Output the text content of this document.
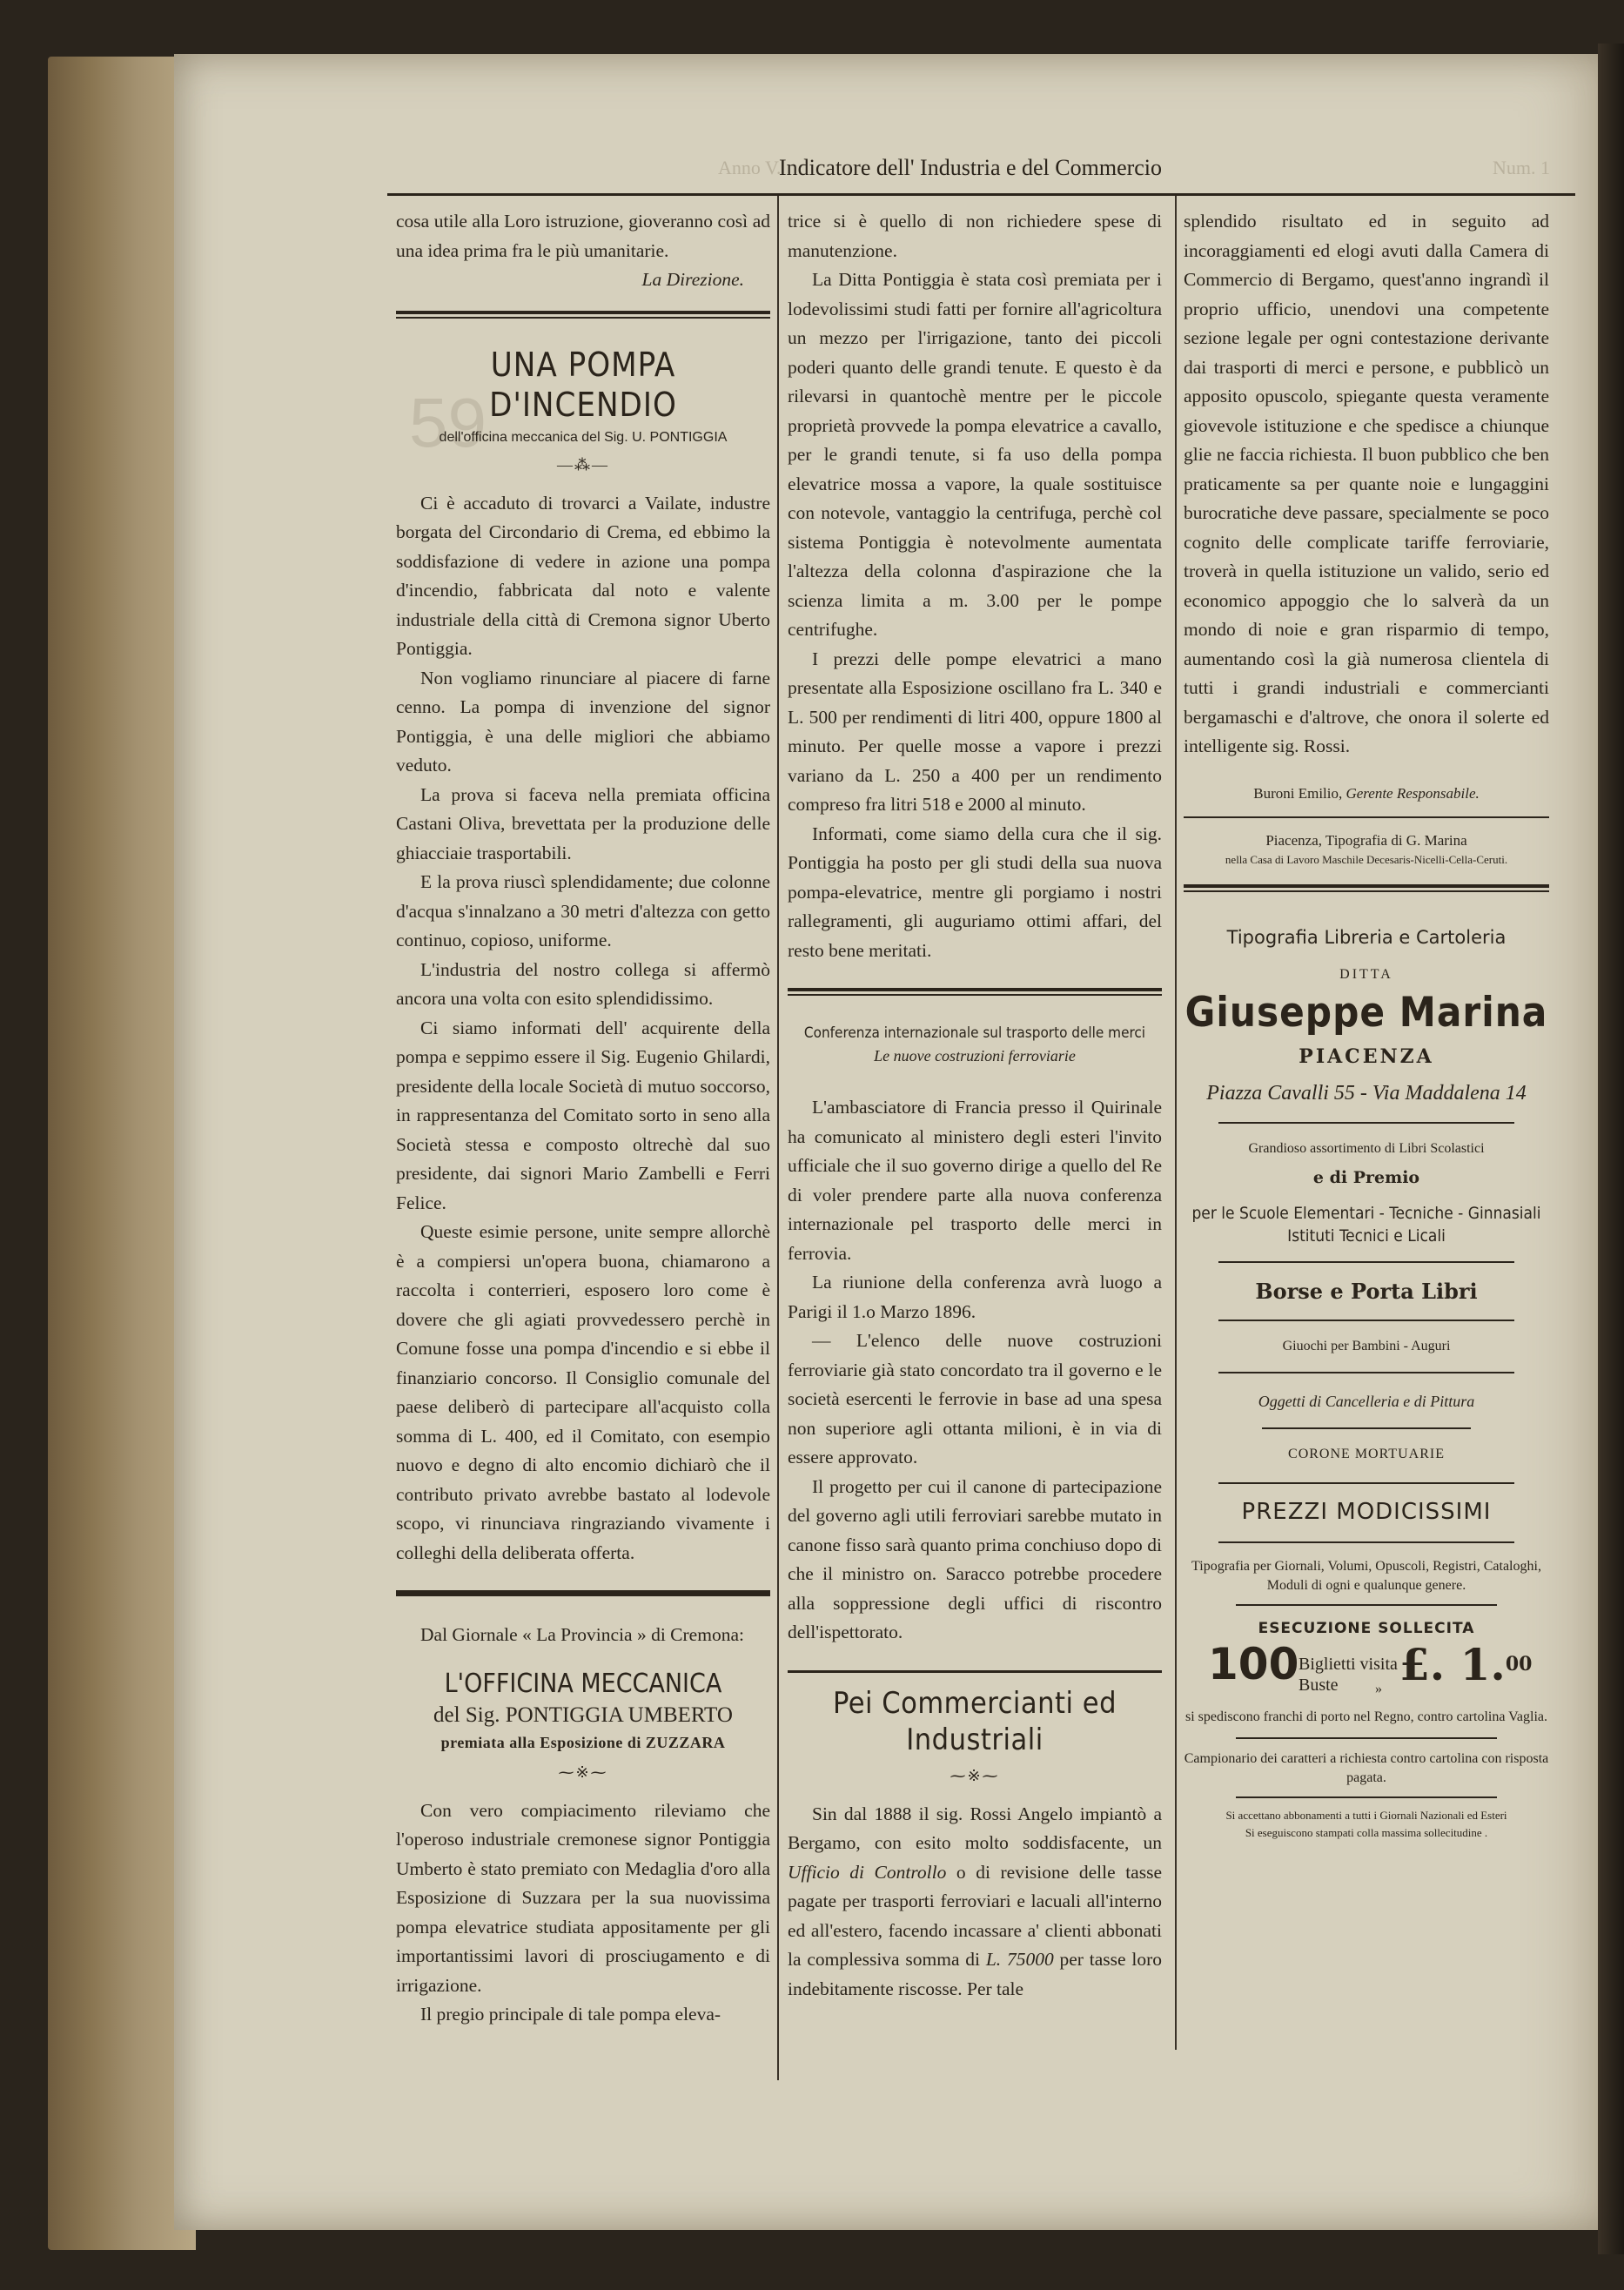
59
Anno V.
Indicatore dell' Industria e del Commercio	Num. 1

cosa utile alla Loro istruzione, gioveranno così ad una idea prima fra le più umanitarie.

La Direzione.
UNA POMPA D'INCENDIO
dell'officina meccanica del Sig. U. PONTIGGIA
—⁂—

Ci è accaduto di trovarci a Vailate, industre borgata del Circondario di Crema, ed ebbimo la soddisfazione di vedere in azione una pompa d'incendio, fabbricata dal noto e valente industriale della città di Cremona signor Uberto Pontiggia.

Non vogliamo rinunciare al piacere di farne cenno. La pompa di invenzione del signor Pontiggia, è una delle migliori che abbiamo veduto.

La prova si faceva nella premiata officina Castani Oliva, brevettata per la produzione delle ghiacciaie trasportabili.

E la prova riuscì splendidamente; due colonne d'acqua s'innalzano a 30 metri d'altezza con getto continuo, copioso, uniforme.

L'industria del nostro collega si affermò ancora una volta con esito splendidissimo.

Ci siamo informati dell' acquirente della pompa e seppimo essere il Sig. Eugenio Ghilardi, presidente della locale Società di mutuo soccorso, in rappresentanza del Comitato sorto in seno alla Società stessa e composto oltrechè dal suo presidente, dai signori Mario Zambelli e Ferri Felice.

Queste esimie persone, unite sempre allorchè è a compiersi un'opera buona, chiamarono a raccolta i conterrieri, esposero loro come è dovere che gli agiati provvedessero perchè in Comune fosse una pompa d'incendio e si ebbe il finanziario concorso. Il Consiglio comunale del paese deliberò di partecipare all'acquisto colla somma di L. 400, ed il Comitato, con esempio nuovo e degno di alto encomio dichiarò che il contributo privato avrebbe bastato al lodevole scopo, vi rinunciava ringraziando vivamente i colleghi della deliberata offerta.

Dal Giornale « La Provincia » di Cremona:

L'OFFICINA MECCANICA
del Sig. PONTIGGIA UMBERTO
premiata alla Esposizione di ZUZZARA
⁓※⁓

Con vero compiacimento rileviamo che l'operoso industriale cremonese signor Pontiggia Umberto è stato premiato con Medaglia d'oro alla Esposizione di Suzzara per la sua nuovissima pompa elevatrice studiata appositamente per gli importantissimi lavori di prosciugamento e di irrigazione.

Il pregio principale di tale pompa eleva-

trice si è quello di non richiedere spese di manutenzione.

La Ditta Pontiggia è stata così premiata per i lodevolissimi studi fatti per fornire all'agricoltura un mezzo per l'irrigazione, tanto dei piccoli poderi quanto delle grandi tenute. E questo è da rilevarsi in quantochè mentre per le piccole proprietà provvede la pompa elevatrice a cavallo, per le grandi tenute, si fa uso della pompa elevatrice mossa a vapore, la quale sostituisce con notevole, vantaggio la centrifuga, perchè col sistema Pontiggia è notevolmente aumentata l'altezza della colonna d'aspirazione che la scienza limita a m. 3.00 per le pompe centrifughe.

I prezzi delle pompe elevatrici a mano presentate alla Esposizione oscillano fra L. 340 e L. 500 per rendimenti di litri 400, oppure 1800 al minuto. Per quelle mosse a vapore i prezzi variano da L. 250 a 400 per un rendimento compreso fra litri 518 e 2000 al minuto.

Informati, come siamo della cura che il sig. Pontiggia ha posto per gli studi della sua nuova pompa-elevatrice, mentre gli porgiamo i nostri rallegramenti, gli auguriamo ottimi affari, del resto bene meritati.

Conferenza internazionale sul trasporto delle merci
Le nuove costruzioni ferroviarie

L'ambasciatore di Francia presso il Quirinale ha comunicato al ministero degli esteri l'invito ufficiale che il suo governo dirige a quello del Re di voler prendere parte alla nuova conferenza internazionale pel trasporto delle merci in ferrovia.

La riunione della conferenza avrà luogo a Parigi il 1.o Marzo 1896.

— L'elenco delle nuove costruzioni ferroviarie già stato concordato tra il governo e le società esercenti le ferrovie in base ad una spesa non superiore agli ottanta milioni, è in via di essere approvato.

Il progetto per cui il canone di partecipazione del governo agli utili ferroviari sarebbe mutato in canone fisso sarà quanto prima conchiuso dopo di che il ministro on. Saracco potrebbe procedere alla soppressione degli uffici di riscontro dell'ispettorato.

Pei Commercianti ed Industriali
⁓※⁓

Sin dal 1888 il sig. Rossi Angelo impiantò a Bergamo, con esito molto soddisfacente, un Ufficio di Controllo o di revisione delle tasse pagate per trasporti ferroviari e lacuali all'interno ed all'estero, facendo incassare a' clienti abbonati la complessiva somma di L. 75000 per tasse loro indebitamente riscosse. Per tale

splendido risultato ed in seguito ad incoraggiamenti ed elogi avuti dalla Camera di Commercio di Bergamo, quest'anno ingrandì il proprio ufficio, unendovi una competente sezione legale per ogni contestazione derivante dai trasporti di merci e persone, e pubblicò un apposito opuscolo, spiegante questa veramente giovevole istituzione e che spedisce a chiunque glie ne faccia richiesta. Il buon pubblico che ben praticamente sa per quante noie e lungaggini burocratiche deve passare, specialmente se poco cognito delle complicate tariffe ferroviarie, troverà in quella istituzione un valido, serio ed economico appoggio che lo salverà da un mondo di noie e gran risparmio di tempo, aumentando così la già numerosa clientela di tutti i grandi industriali e commercianti bergamaschi e d'altrove, che onora il solerte ed intelligente sig. Rossi.

Buroni Emilio, Gerente Responsabile.
Piacenza, Tipografia di G. Marina
nella Casa di Lavoro Maschile Decesaris-Nicelli-Cella-Ceruti.
Tipografia Libreria e Cartoleria
DITTA
Giuseppe Marina
PIACENZA
Piazza Cavalli 55 - Via Maddalena 14
Grandioso assortimento di Libri Scolastici
e di Premio
per le Scuole Elementari - Tecniche - Ginnasiali
Istituti Tecnici e Licali
Borse e Porta Libri
Giuochi per Bambini - Auguri
Oggetti di Cancelleria e di Pittura
CORONE MORTUARIE
PREZZI MODICISSIMI
Tipografia per Giornali, Volumi, Opuscoli, Registri, Cataloghi, Moduli di ogni e qualunque genere.
ESECUZIONE SOLLECITA
100 Biglietti visita
Buste	» £. 1.00
si spediscono franchi di porto nel Regno, contro cartolina Vaglia.
Campionario dei caratteri a richiesta contro cartolina con risposta pagata.
Si accettano abbonamenti a tutti i Giornali Nazionali ed Esteri
Si eseguiscono stampati colla massima sollecitudine .
